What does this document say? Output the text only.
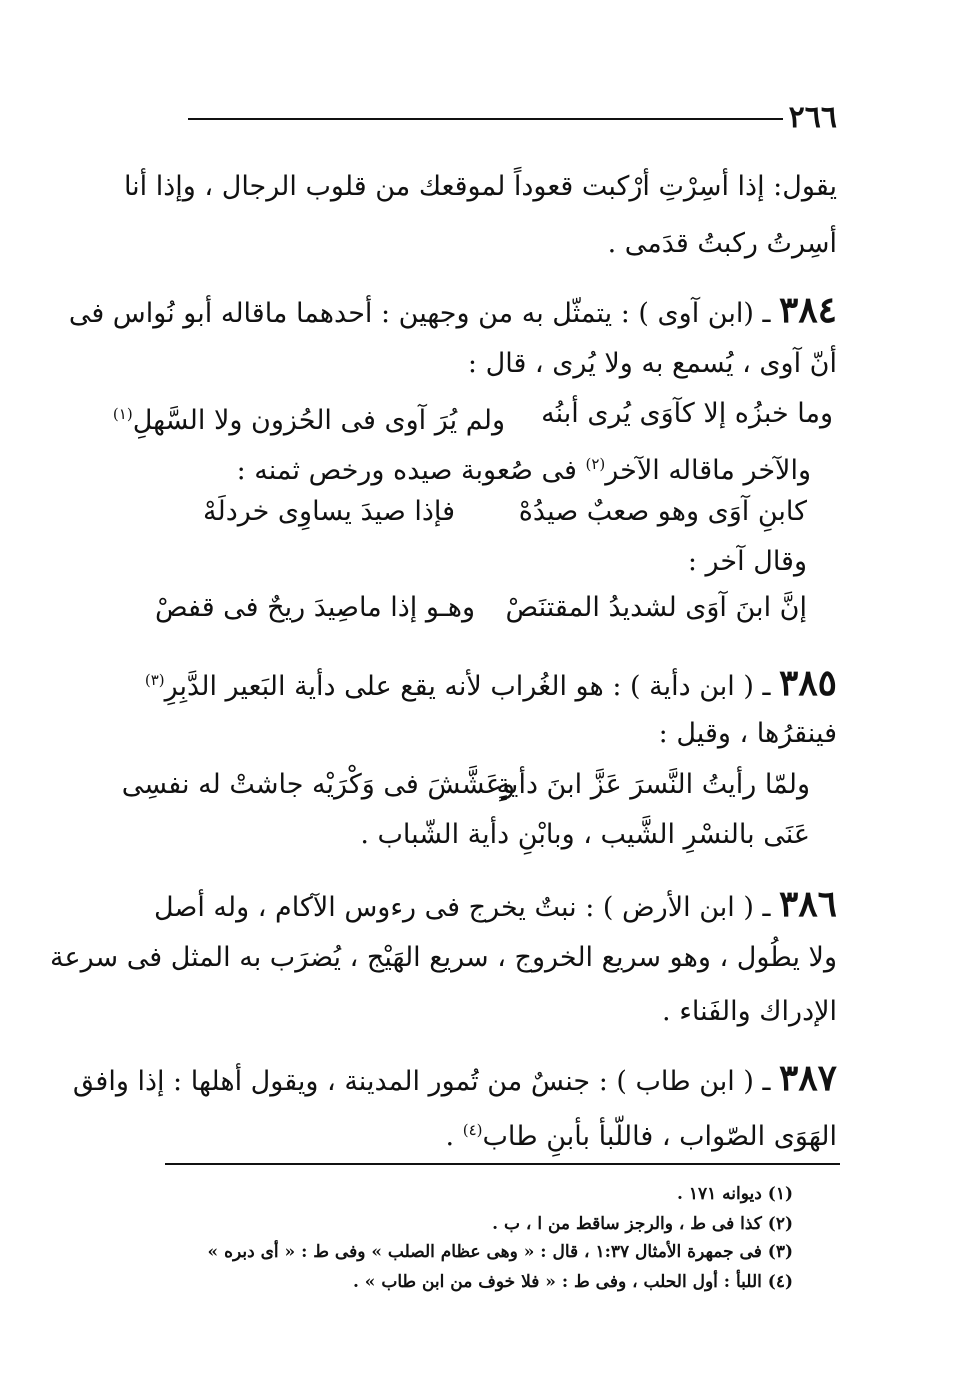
٢٦٦
يقول: إذا أسِرْتِ أرْكبت قعوداً لموقعك من قلوب الرجال ، وإذا أنا
أسِرتُ ركبتُ قدَمى .
٣٨٤ ـ (ابن آوى ) : يتمثّل به من وجهين : أحدهما ماقاله أبو نُواس فى
أنّ آوى ، يُسمع به ولا يُرى ، قال :
وما خبزُه إلا كآوَى يُرى أبنُه
ولم يُرَ آوى فى الحُزون ولا السَّهلِ$^{(١)}$
والآخر ماقاله الآخر$^{(٢)}$ فى صُعوبة صيده ورخص ثمنه :
كابنِ آوَى وهو صعبٌ صيدُهْ
فإذا صيدَ يساوِى خردلَهْ
وقال آخر :
إنَّ ابنَ آوَى لشديدُ المقتنَصْ
وهـو إذا ماصِيدَ ريحٌ فى قفصْ
٣٨٥ ـ ( ابن دأية ) : هو الغُراب لأنه يقع على دأية البَعير الدَّبِرِ$^{(٣)}$
فينقرُها ، وقيل :
ولمّا رأيتُ النَّسرَ عَزَّ ابنَ دأيةٍ
وعَشَّشَ فى وَكْرَيْه جاشتْ له نفسِى
عَنَى بالنسْرِ الشَّيب ، وبابْنِ دأية الشّباب .
٣٨٦ ـ ( ابن الأرض ) : نبتٌ يخرج فى رءوس الآكام ، وله أصل
ولا يطُول ، وهو سريع الخروج ، سريع الهَيْج ، يُضرَب به المثل فى سرعة
الإدراك والفَناء .
٣٨٧ ـ ( ابن طاب ) : جنسٌ من تُمور المدينة ، ويقول أهلها : إذا وافق
الهَوَى الصّواب ، فاللّبأ بأبنِ طاب$^{(٤)}$ .
(١) ديوانه ١٧١ .
(٢) كذا فى ط ، والرجز ساقط من ا ، ب .
(٣) فى جمهرة الأمثال ١:٣٧ ، قال : « وهى عظام الصلب » وفى ط : « أى دبره »
(٤) اللبأ : أول الحلب ، وفى ط : « فلا خوف من ابن طاب » .
